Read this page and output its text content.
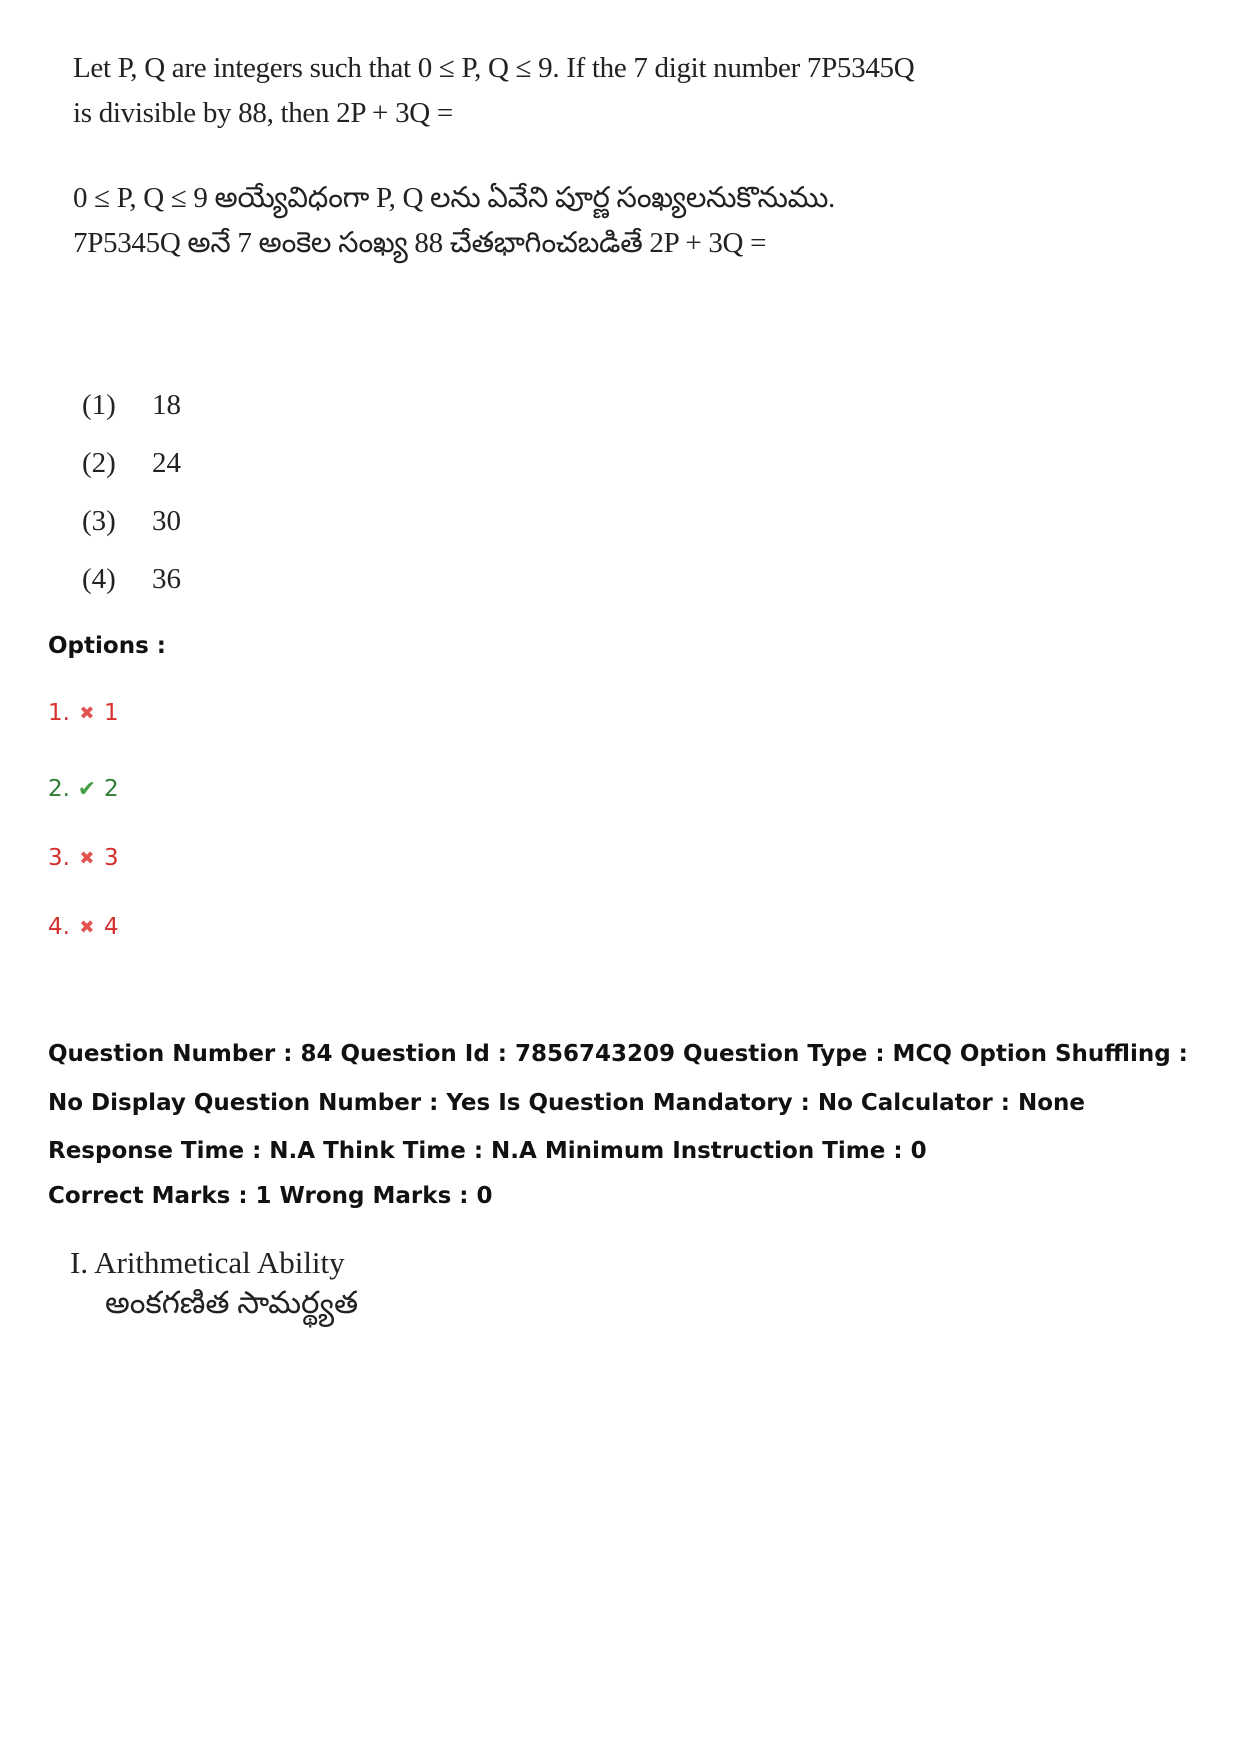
Let P, Q are integers such that 0 ≤ P, Q ≤ 9. If the 7 digit number 7P5345Q
is divisible by 88, then 2P + 3Q =
0 ≤ P, Q ≤ 9 అయ్యేవిధంగా P, Q లను ఏవేని పూర్ణ సంఖ్యలనుకొనుము.
7P5345Q అనే 7 అంకెల సంఖ్య 88 చేతభాగించబడితే 2P + 3Q =
(1)	18
(2)	24
(3)	30
(4)	36
Options :
1. ✖ 1
2. ✔ 2
3. ✖ 3
4. ✖ 4
Question Number : 84 Question Id : 7856743209 Question Type : MCQ Option Shuffling : No Display Question Number : Yes Is Question Mandatory : No Calculator : None Response Time : N.A Think Time : N.A Minimum Instruction Time : 0
Correct Marks : 1 Wrong Marks : 0
I. Arithmetical Ability
అంకగణిత సామర్థ్యత
